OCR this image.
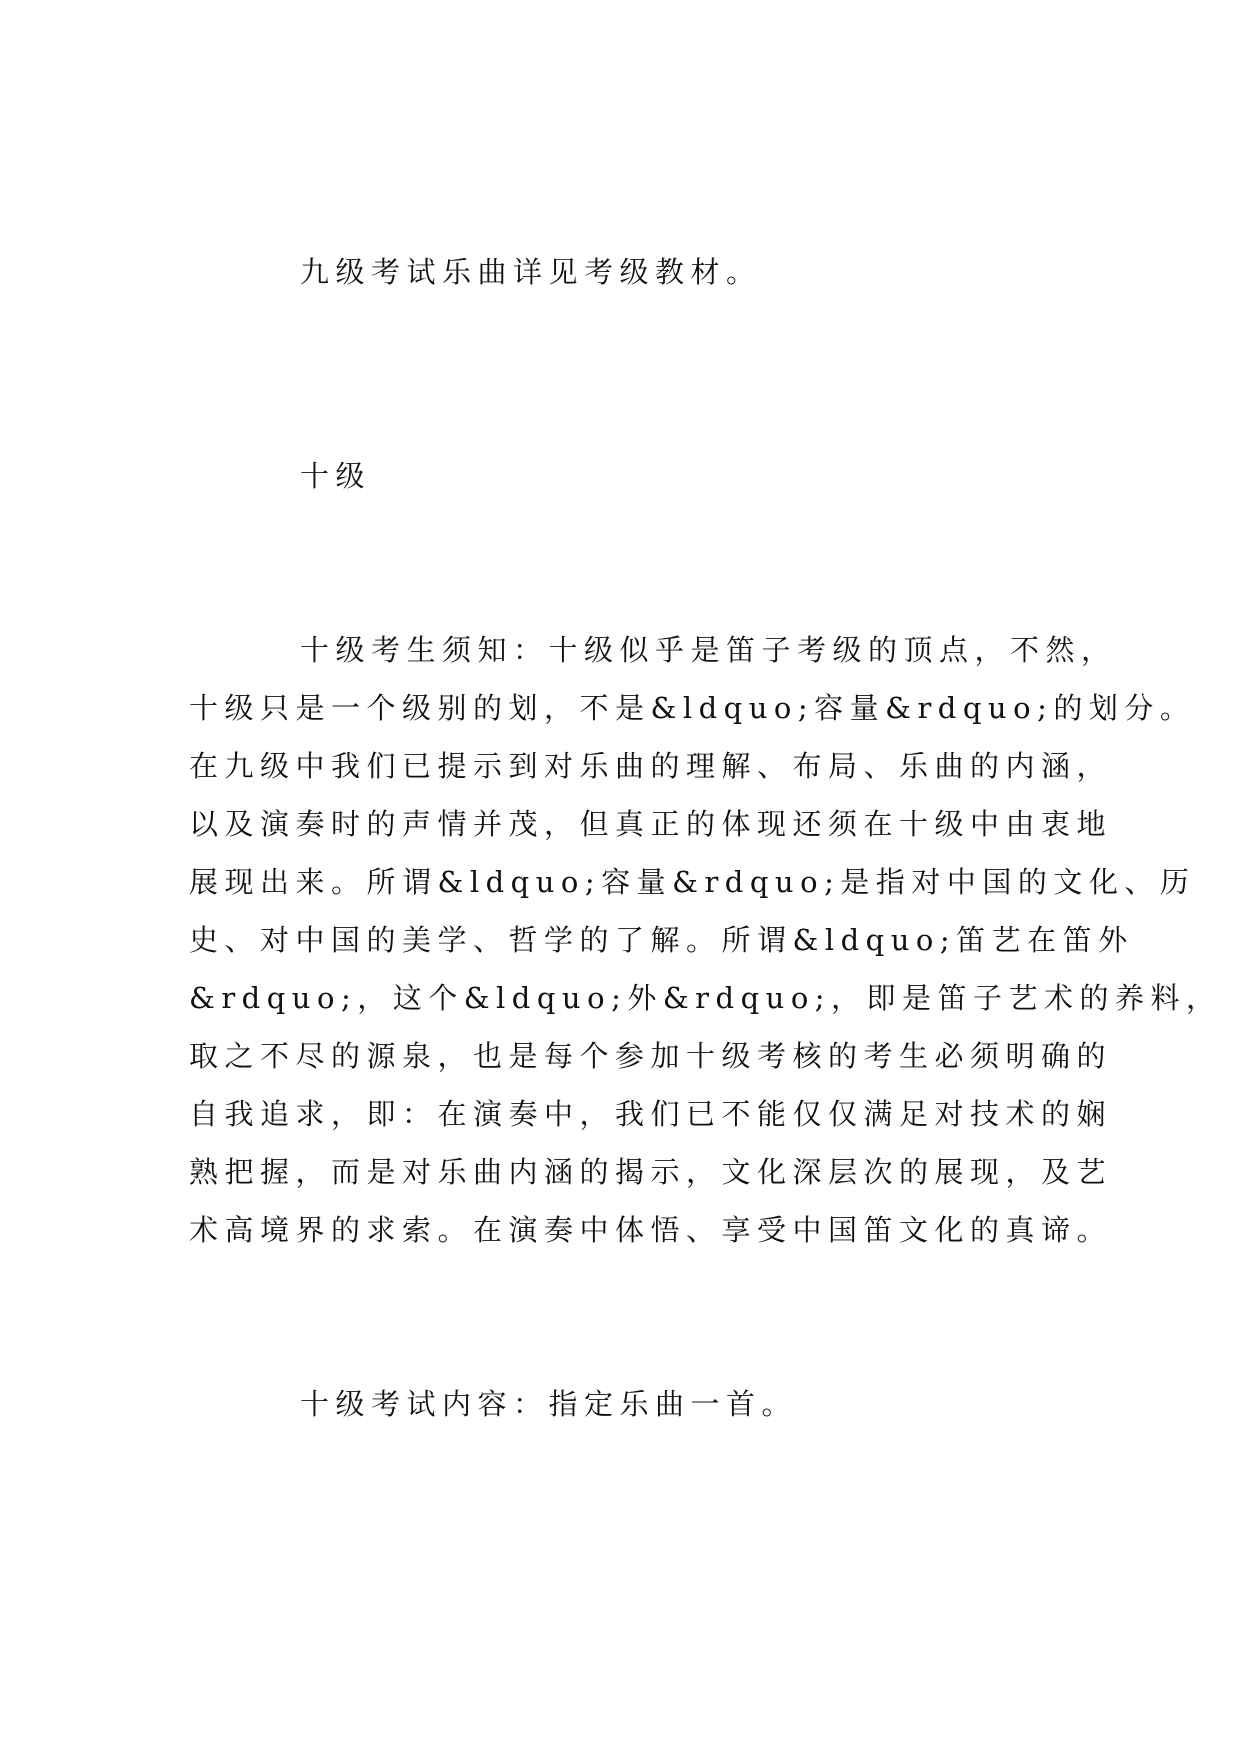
九级考试乐曲详见考级教材。
十级
十级考生须知：十级似乎是笛子考级的顶点，不然，
十级只是一个级别的划，不是&ldquo;容量&rdquo;的划分。
在九级中我们已提示到对乐曲的理解、布局、乐曲的内涵，
以及演奏时的声情并茂，但真正的体现还须在十级中由衷地
展现出来。所谓&ldquo;容量&rdquo;是指对中国的文化、历
史、对中国的美学、哲学的了解。所谓&ldquo;笛艺在笛外
&rdquo;，这个&ldquo;外&rdquo;，即是笛子艺术的养料，
取之不尽的源泉，也是每个参加十级考核的考生必须明确的
自我追求，即：在演奏中，我们已不能仅仅满足对技术的娴
熟把握，而是对乐曲内涵的揭示，文化深层次的展现，及艺
术高境界的求索。在演奏中体悟、享受中国笛文化的真谛。
十级考试内容：指定乐曲一首。
